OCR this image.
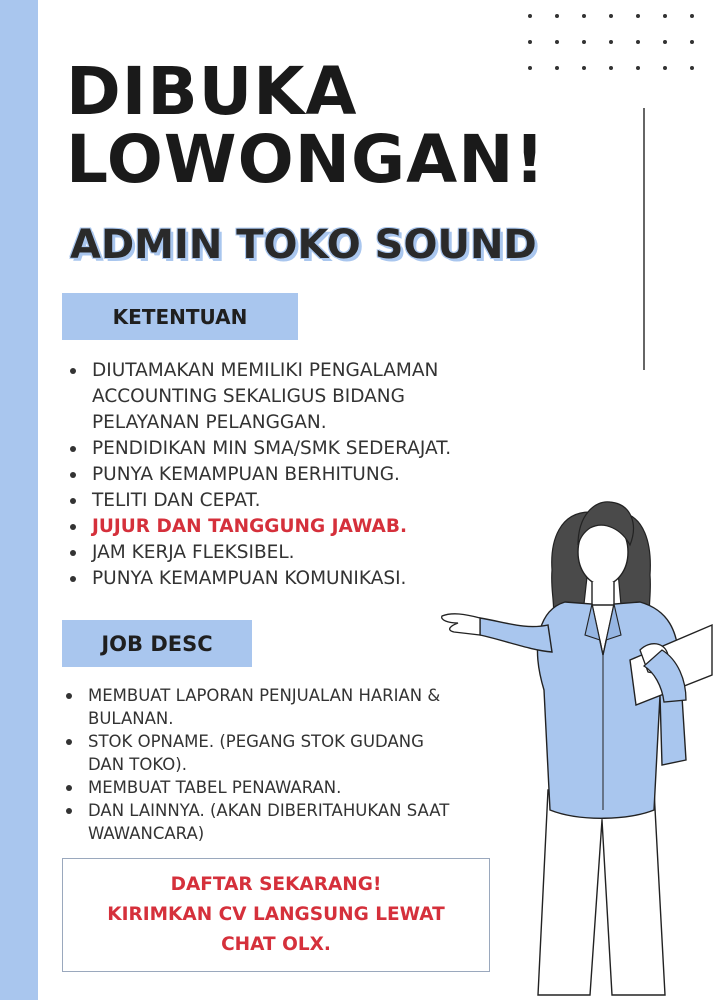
DIBUKA
LOWONGAN!
ADMIN TOKO SOUND
KETENTUAN
DIUTAMAKAN MEMILIKI PENGALAMAN
ACCOUNTING SEKALIGUS BIDANG
PELAYANAN PELANGGAN.
PENDIDIKAN MIN SMA/SMK SEDERAJAT.
PUNYA KEMAMPUAN BERHITUNG.
TELITI DAN CEPAT.
JUJUR DAN TANGGUNG JAWAB.
JAM KERJA FLEKSIBEL.
PUNYA KEMAMPUAN KOMUNIKASI.
JOB DESC
MEMBUAT LAPORAN PENJUALAN HARIAN &
BULANAN.
STOK OPNAME. (PEGANG STOK GUDANG
DAN TOKO).
MEMBUAT TABEL PENAWARAN.
DAN LAINNYA. (AKAN DIBERITAHUKAN SAAT
WAWANCARA)
DAFTAR SEKARANG!
KIRIMKAN CV LANGSUNG LEWAT
CHAT OLX.
